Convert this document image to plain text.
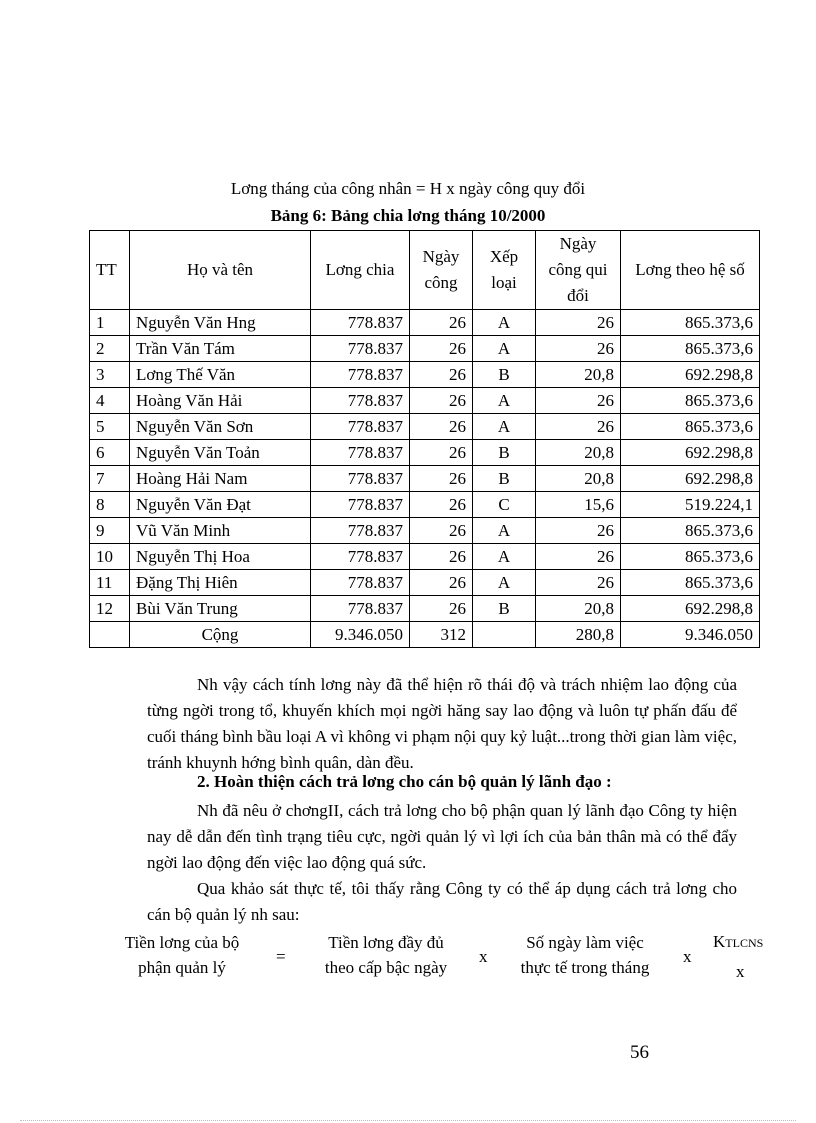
Lơng tháng của công nhân = H x ngày công quy đổi
Bảng 6: Bảng chia lơng tháng 10/2000
TT	Họ và tên	Lơng chia	Ngày công	Xếp loại	Ngày công qui đổi	Lơng theo hệ số
1	Nguyễn Văn Hng	778.837	26	A	26	865.373,6
2	Trần Văn Tám	778.837	26	A	26	865.373,6
3	Lơng Thế Văn	778.837	26	B	20,8	692.298,8
4	Hoàng Văn Hải	778.837	26	A	26	865.373,6
5	Nguyễn Văn Sơn	778.837	26	A	26	865.373,6
6	Nguyễn Văn Toản	778.837	26	B	20,8	692.298,8
7	Hoàng Hải Nam	778.837	26	B	20,8	692.298,8
8	Nguyễn Văn Đạt	778.837	26	C	15,6	519.224,1
9	Vũ Văn Minh	778.837	26	A	26	865.373,6
10	Nguyễn Thị Hoa	778.837	26	A	26	865.373,6
11	Đặng Thị Hiên	778.837	26	A	26	865.373,6
12	Bùi Văn Trung	778.837	26	B	20,8	692.298,8
	Cộng	9.346.050	312		280,8	9.346.050
Nh vậy cách tính lơng này đã thể hiện rõ thái độ và trách nhiệm lao động của từng ngời trong tổ, khuyến khích mọi ngời hăng say lao động và luôn tự phấn đấu để cuối tháng bình bầu loại A vì không vi phạm nội quy kỷ luật...trong thời gian làm việc, tránh khuynh hớng bình quân, dàn đều.
2. Hoàn thiện cách trả lơng cho cán bộ quản lý lãnh đạo :
Nh đã nêu ở chơngII, cách trả lơng cho bộ phận quan lý lãnh đạo Công ty hiện nay dễ dẫn đến tình trạng tiêu cực, ngời quản lý vì lợi ích của bản thân mà có thể đẩy ngời lao động đến việc lao động quá sức.
Qua khảo sát thực tế, tôi thấy rằng Công ty có thể áp dụng cách trả lơng cho cán bộ quản lý nh sau:
Tiền lơng của bộ
phận quản lý
=
Tiền lơng đầy đủ
theo cấp bậc ngày
x
Số ngày làm việc
thực tế trong tháng
x
KTLCNS
x
56
